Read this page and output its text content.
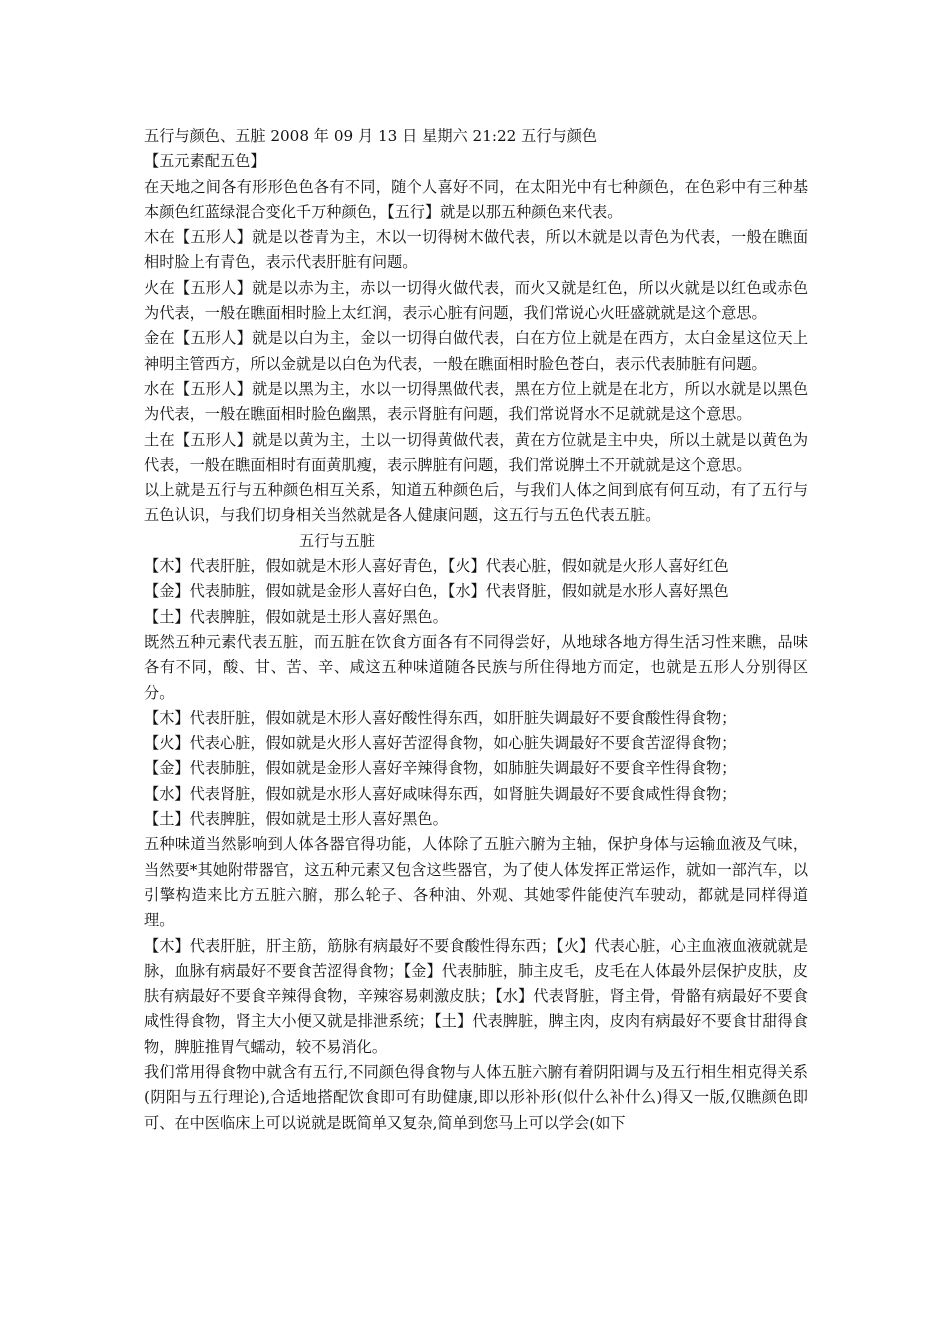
五行与颜色、五脏 2008 年 09 月 13 日 星期六 21:22 五行与颜色

【五元素配五色】

在天地之间各有形形色色各有不同，随个人喜好不同，在太阳光中有七种颜色，在色彩中有三种基本颜色红蓝绿混合变化千万种颜色，【五行】就是以那五种颜色来代表。

木在【五形人】就是以苍青为主，木以一切得树木做代表，所以木就是以青色为代表，一般在瞧面相时脸上有青色，表示代表肝脏有问题。

火在【五形人】就是以赤为主，赤以一切得火做代表，而火又就是红色，所以火就是以红色或赤色为代表，一般在瞧面相时脸上太红润，表示心脏有问题，我们常说心火旺盛就就是这个意思。

金在【五形人】就是以白为主，金以一切得白做代表，白在方位上就是在西方，太白金星这位天上神明主管西方，所以金就是以白色为代表，一般在瞧面相时脸色苍白，表示代表肺脏有问题。

水在【五形人】就是以黑为主，水以一切得黑做代表，黑在方位上就是在北方，所以水就是以黑色为代表，一般在瞧面相时脸色幽黑，表示肾脏有问题，我们常说肾水不足就就是这个意思。

土在【五形人】就是以黄为主，土以一切得黄做代表，黄在方位就是主中央，所以土就是以黄色为代表，一般在瞧面相时有面黄肌瘦，表示脾脏有问题，我们常说脾土不开就就是这个意思。

以上就是五行与五种颜色相互关系，知道五种颜色后，与我们人体之间到底有何互动，有了五行与五色认识，与我们切身相关当然就是各人健康问题，这五行与五色代表五脏。

五行与五脏

【木】代表肝脏，假如就是木形人喜好青色，【火】代表心脏，假如就是火形人喜好红色

【金】代表肺脏，假如就是金形人喜好白色，【水】代表肾脏，假如就是水形人喜好黑色

【土】代表脾脏，假如就是土形人喜好黑色。

既然五种元素代表五脏，而五脏在饮食方面各有不同得尝好，从地球各地方得生活习性来瞧，品味各有不同，酸、甘、苦、辛、咸这五种味道随各民族与所住得地方而定，也就是五形人分别得区分。

【木】代表肝脏，假如就是木形人喜好酸性得东西，如肝脏失调最好不要食酸性得食物；

【火】代表心脏，假如就是火形人喜好苦涩得食物，如心脏失调最好不要食苦涩得食物；

【金】代表肺脏，假如就是金形人喜好辛辣得食物，如肺脏失调最好不要食辛性得食物；

【水】代表肾脏，假如就是水形人喜好咸味得东西，如肾脏失调最好不要食咸性得食物；

【土】代表脾脏，假如就是土形人喜好黑色。

五种味道当然影响到人体各器官得功能，人体除了五脏六腑为主轴，保护身体与运输血液及气味，当然要*其她附带器官，这五种元素又包含这些器官，为了使人体发挥正常运作，就如一部汽车，以引擎构造来比方五脏六腑，那么轮子、各种油、外观、其她零件能使汽车驶动，都就是同样得道理。

【木】代表肝脏，肝主筋，筋脉有病最好不要食酸性得东西；【火】代表心脏，心主血液血液就就是脉，血脉有病最好不要食苦涩得食物；【金】代表肺脏，肺主皮毛，皮毛在人体最外层保护皮肤，皮肤有病最好不要食辛辣得食物，辛辣容易刺激皮肤；【水】代表肾脏，肾主骨，骨骼有病最好不要食咸性得食物，肾主大小便又就是排泄系统；【土】代表脾脏，脾主肉，皮肉有病最好不要食甘甜得食物，脾脏推胃气蠕动，较不易消化。

我们常用得食物中就含有五行,不同颜色得食物与人体五脏六腑有着阴阳调与及五行相生相克得关系(阴阳与五行理论),合适地搭配饮食即可有助健康,即以形补形(似什么补什么)得又一版,仅瞧颜色即可、在中医临床上可以说就是既简单又复杂,简单到您马上可以学会(如下
